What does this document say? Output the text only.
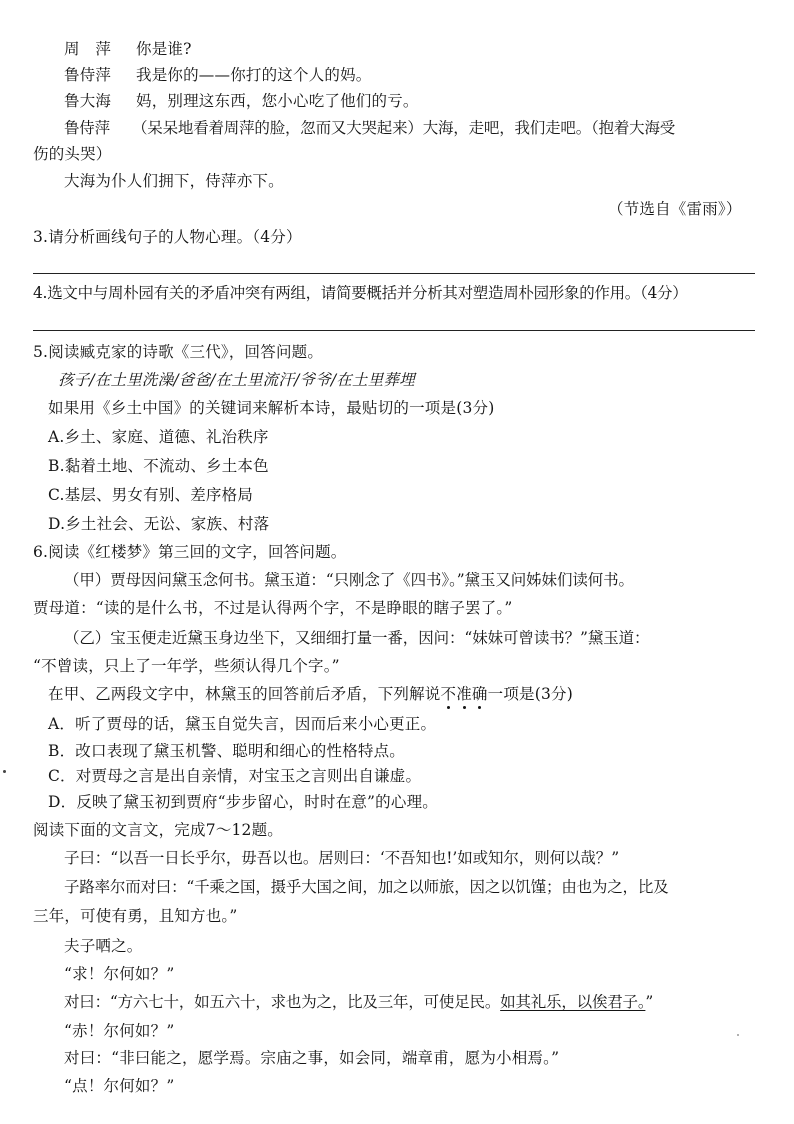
周　萍 你是谁?
鲁侍萍 我是你的——你打的这个人的妈。
鲁大海 妈，别理这东西，您小心吃了他们的亏。
鲁侍萍 （呆呆地看着周萍的脸，忽而又大哭起来）大海，走吧，我们走吧。（抱着大海受
伤的头哭）
大海为仆人们拥下，侍萍亦下。
（节选自《雷雨》）
3.请分析画线句子的人物心理。（4分）
4.选文中与周朴园有关的矛盾冲突有两组，请简要概括并分析其对塑造周朴园形象的作用。（4分）
5.阅读臧克家的诗歌《三代》，回答问题。
孩子/在土里洗澡/爸爸/在土里流汗/爷爷/在土里葬埋
如果用《乡土中国》的关键词来解析本诗，最贴切的一项是(3分)
A.乡土、家庭、道德、礼治秩序
B.黏着土地、不流动、乡土本色
C.基层、男女有别、差序格局
D.乡土社会、无讼、家族、村落
6.阅读《红楼梦》第三回的文字，回答问题。
（甲）贾母因问黛玉念何书。黛玉道：“只刚念了《四书》。”黛玉又问姊妹们读何书。
贾母道：“读的是什么书，不过是认得两个字，不是睁眼的瞎子罢了。”
（乙）宝玉便走近黛玉身边坐下，又细细打量一番，因问：“妹妹可曾读书？”黛玉道：
“不曾读，只上了一年学，些须认得几个字。”
在甲、乙两段文字中，林黛玉的回答前后矛盾，下列解说不准确一项是(3分)
A．听了贾母的话，黛玉自觉失言，因而后来小心更正。
B．改口表现了黛玉机警、聪明和细心的性格特点。
C．对贾母之言是出自亲情，对宝玉之言则出自谦虚。
D．反映了黛玉初到贾府“步步留心，时时在意”的心理。
阅读下面的文言文，完成7～12题。
子曰：“以吾一日长乎尔，毋吾以也。居则曰：‘不吾知也!’如或知尔，则何以哉？”
子路率尔而对曰：“千乘之国，摄乎大国之间，加之以师旅，因之以饥馑；由也为之，比及
三年，可使有勇，且知方也。”
夫子哂之。
“求！尔何如？”
对曰：“方六七十，如五六十，求也为之，比及三年，可使足民。如其礼乐，以俟君子。”
“赤！尔何如？”
对曰：“非曰能之，愿学焉。宗庙之事，如会同，端章甫，愿为小相焉。”
“点！尔何如？”
